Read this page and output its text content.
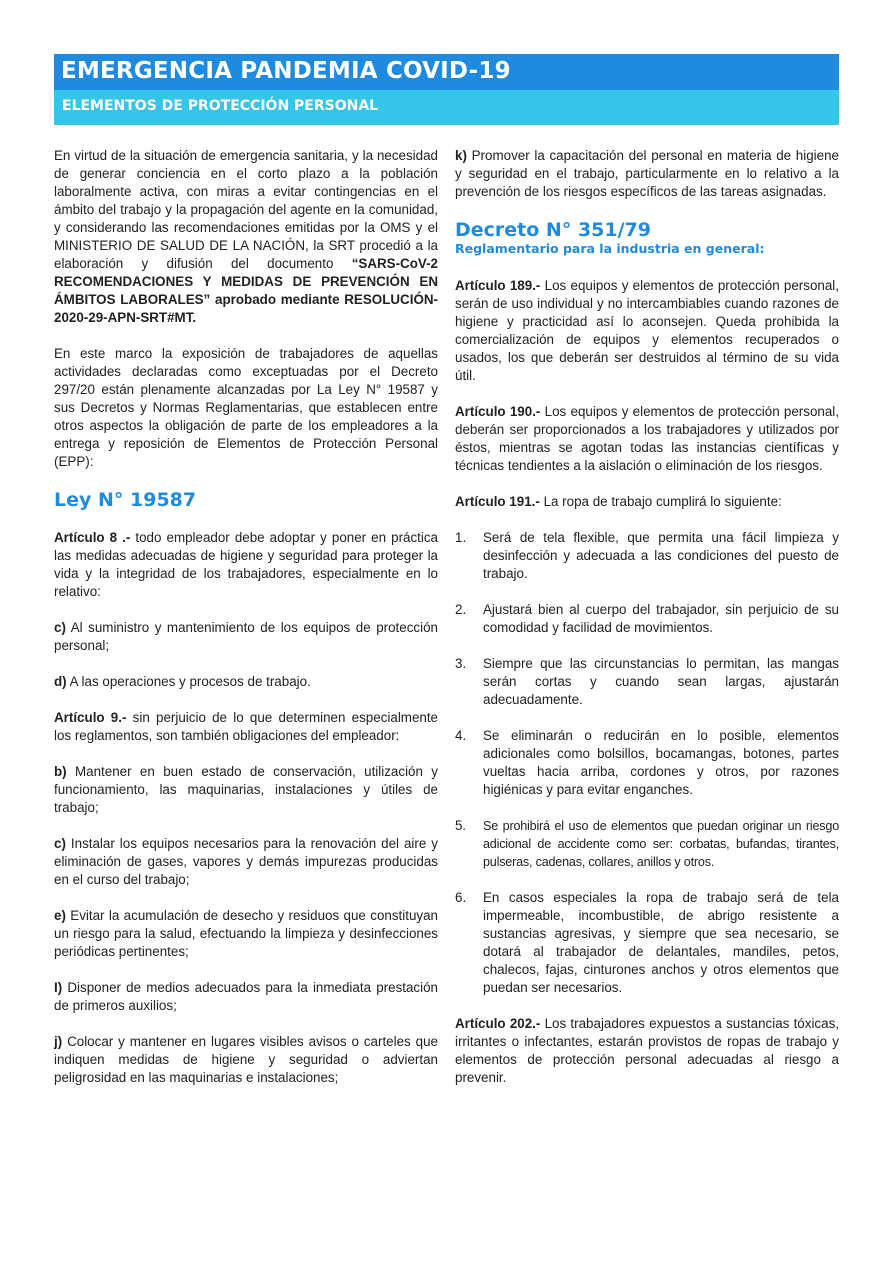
EMERGENCIA PANDEMIA COVID-19
ELEMENTOS DE PROTECCIÓN PERSONAL

En virtud de la situación de emergencia sanitaria, y la necesidad de generar conciencia en el corto plazo a la población laboralmente activa, con miras a evitar contingencias en el ámbito del trabajo y la propagación del agente en la comunidad, y considerando las recomendaciones emitidas por la OMS y el MINISTERIO DE SALUD DE LA NACIÓN, la SRT procedió a la elaboración y difusión del documento “SARS-CoV-2 RECOMENDACIONES Y MEDIDAS DE PREVENCIÓN EN ÁMBITOS LABORALES” aprobado mediante RESOLUCIÓN-2020-29-APN-SRT#MT.

En este marco la exposición de trabajadores de aquellas actividades declaradas como exceptuadas por el Decreto 297/20 están plenamente alcanzadas por La Ley N° 19587 y sus Decretos y Normas Reglamentarias, que establecen entre otros aspectos la obligación de parte de los empleadores a la entrega y reposición de Elementos de Protección Personal (EPP):

Ley N° 19587

Artículo 8 .- todo empleador debe adoptar y poner en práctica las medidas adecuadas de higiene y seguridad para proteger la vida y la integridad de los trabajadores, especialmente en lo relativo:

c) Al suministro y mantenimiento de los equipos de protección personal;

d) A las operaciones y procesos de trabajo.

Artículo 9.- sin perjuicio de lo que determinen especialmente los reglamentos, son también obligaciones del empleador:

b) Mantener en buen estado de conservación, utilización y funcionamiento, las maquinarias, instalaciones y útiles de trabajo;

c) Instalar los equipos necesarios para la renovación del aire y eliminación de gases, vapores y demás impurezas producidas en el curso del trabajo;

e) Evitar la acumulación de desecho y residuos que constituyan un riesgo para la salud, efectuando la limpieza y desinfecciones periódicas pertinentes;

I) Disponer de medios adecuados para la inmediata prestación de primeros auxilios;

j) Colocar y mantener en lugares visibles avisos o carteles que indiquen medidas de higiene y seguridad o adviertan peligrosidad en las maquinarias e instalaciones;

k) Promover la capacitación del personal en materia de higiene y seguridad en el trabajo, particularmente en lo relativo a la prevención de los riesgos específicos de las tareas asignadas.

Decreto N° 351/79
Reglamentario para la industria en general:

Artículo 189.- Los equipos y elementos de protección personal, serán de uso individual y no intercambiables cuando razones de higiene y practicidad así lo aconsejen. Queda prohibida la comercialización de equipos y elementos recuperados o usados, los que deberán ser destruidos al término de su vida útil.

Artículo 190.- Los equipos y elementos de protección personal, deberán ser proporcionados a los trabajadores y utilizados por éstos, mientras se agotan todas las instancias científicas y técnicas tendientes a la aislación o eliminación de los riesgos.

Artículo 191.- La ropa de trabajo cumplirá lo siguiente:

1. Será de tela flexible, que permita una fácil limpieza y desinfección y adecuada a las condiciones del puesto de trabajo.
2. Ajustará bien al cuerpo del trabajador, sin perjuicio de su comodidad y facilidad de movimientos.
3. Siempre que las circunstancias lo permitan, las mangas serán cortas y cuando sean largas, ajustarán adecuadamente.
4. Se eliminarán o reducirán en lo posible, elementos adicionales como bolsillos, bocamangas, botones, partes vueltas hacia arriba, cordones y otros, por razones higiénicas y para evitar enganches.
5. Se prohibirá el uso de elementos que puedan originar un riesgo adicional de accidente como ser: corbatas, bufandas, tirantes, pulseras, cadenas, collares, anillos y otros.
6. En casos especiales la ropa de trabajo será de tela impermeable, incombustible, de abrigo resistente a sustancias agresivas, y siempre que sea necesario, se dotará al trabajador de delantales, mandiles, petos, chalecos, fajas, cinturones anchos y otros elementos que puedan ser necesarios.

Artículo 202.- Los trabajadores expuestos a sustancias tóxicas, irritantes o infectantes, estarán provistos de ropas de trabajo y elementos de protección personal adecuadas al riesgo a prevenir.
